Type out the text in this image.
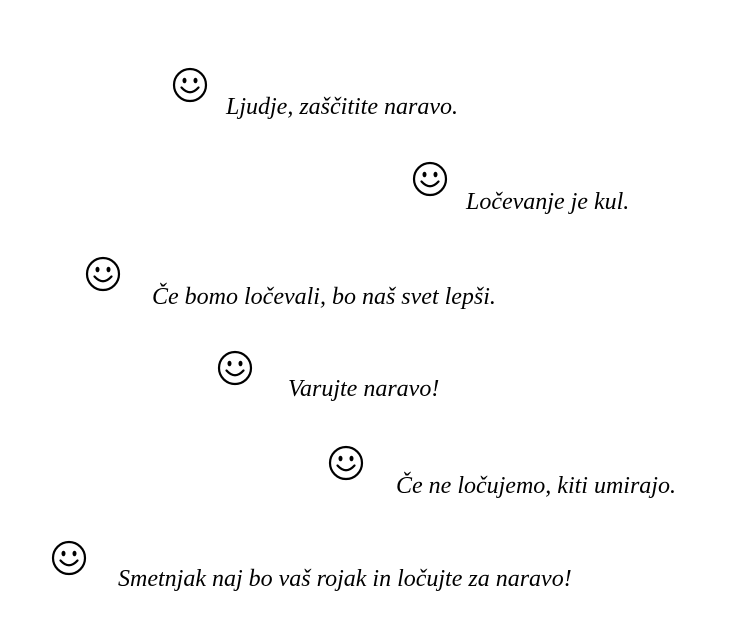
Ljudje, zaščitite naravo.
Ločevanje je kul.
Če bomo ločevali, bo naš svet lepši.
Varujte naravo!
Če ne ločujemo, kiti umirajo.
Smetnjak naj bo vaš rojak in ločujte za naravo!
